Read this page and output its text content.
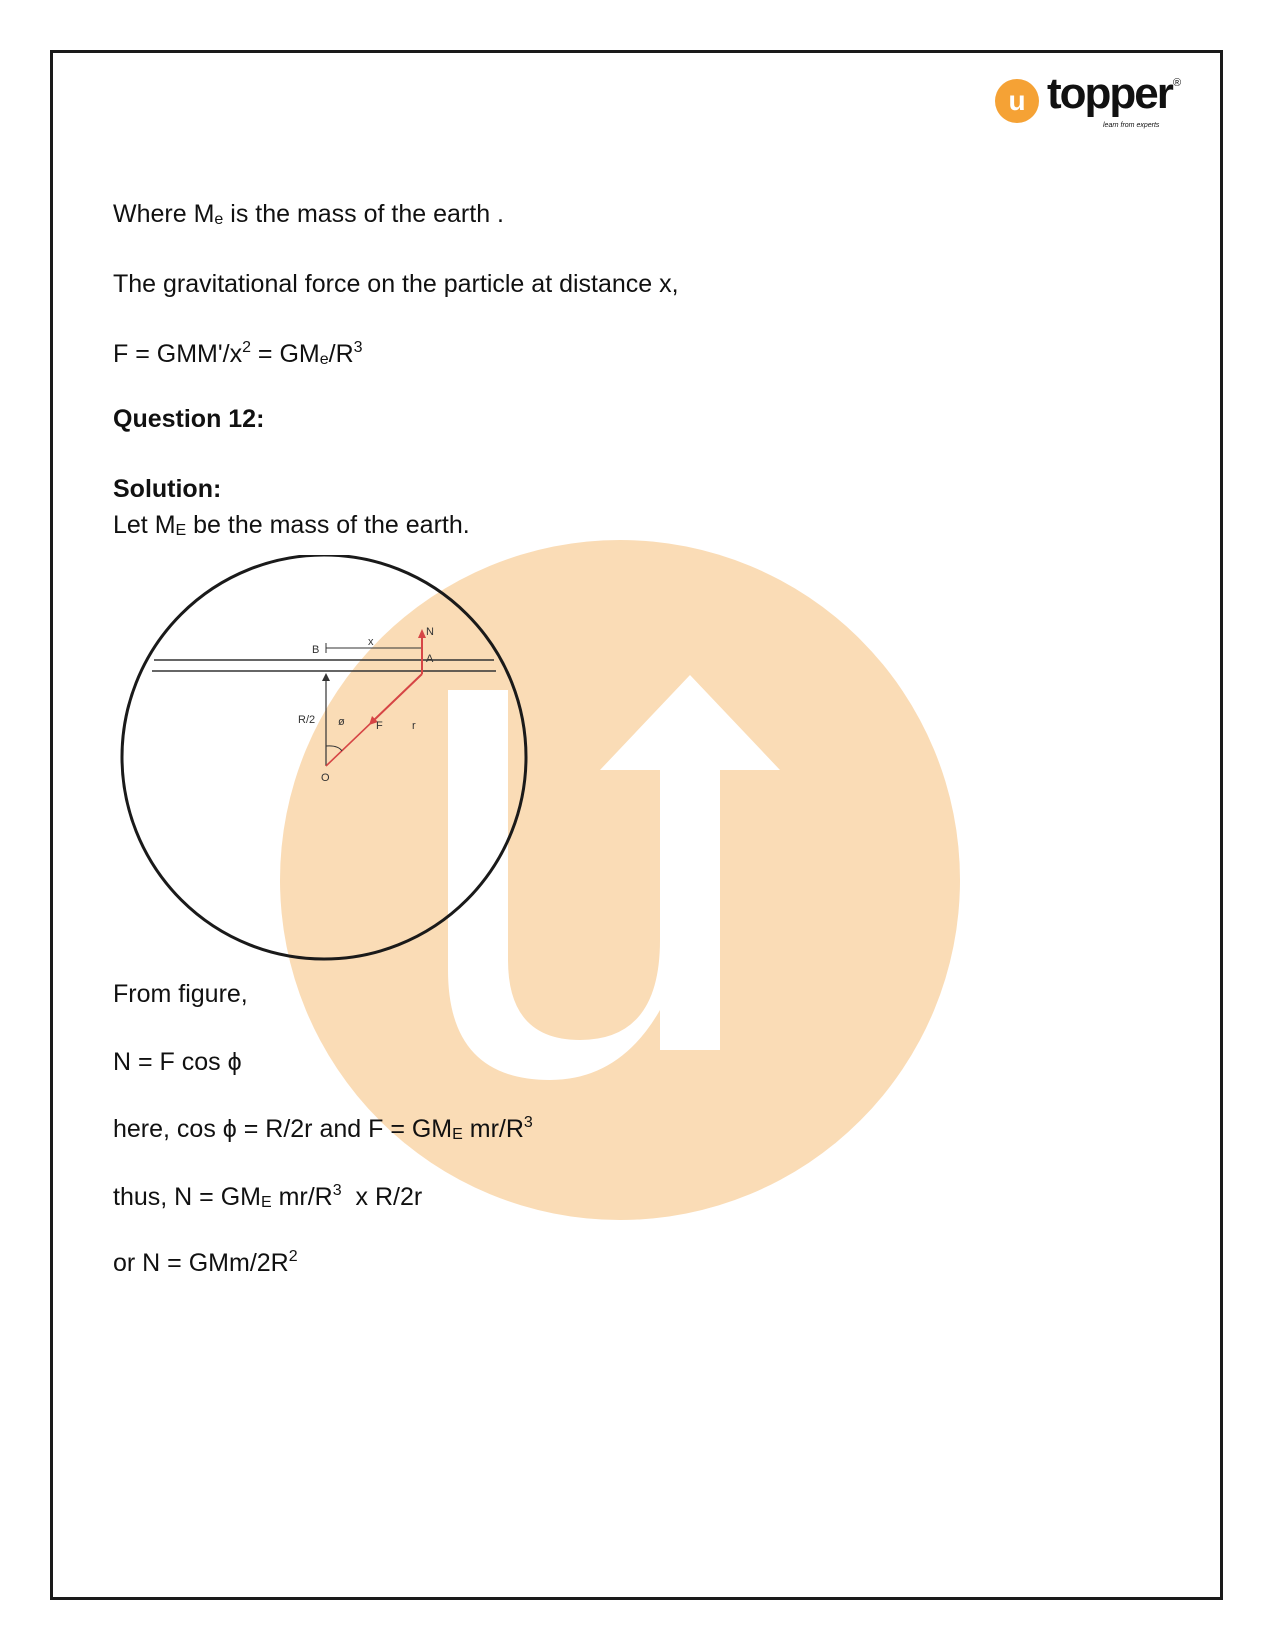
u topper ®
learn from experts
Where $M_e$ is the mass of the earth .
The gravitational force on the particle at distance x,
$F = GMM'/x^2 = GM_e/R^3$
Question 12:
Solution:
Let $M_E$ be the mass of the earth.
N
A
B
x
R/2 ø	F	r
O
From figure,
N = F cos ϕ
here, cos ϕ = R/2r and $F = GM_E$ $mr/R^3$
thus, $N = GM_E$ $mr/R^3$  x R/2r
or N = GMm/$2R^2$
